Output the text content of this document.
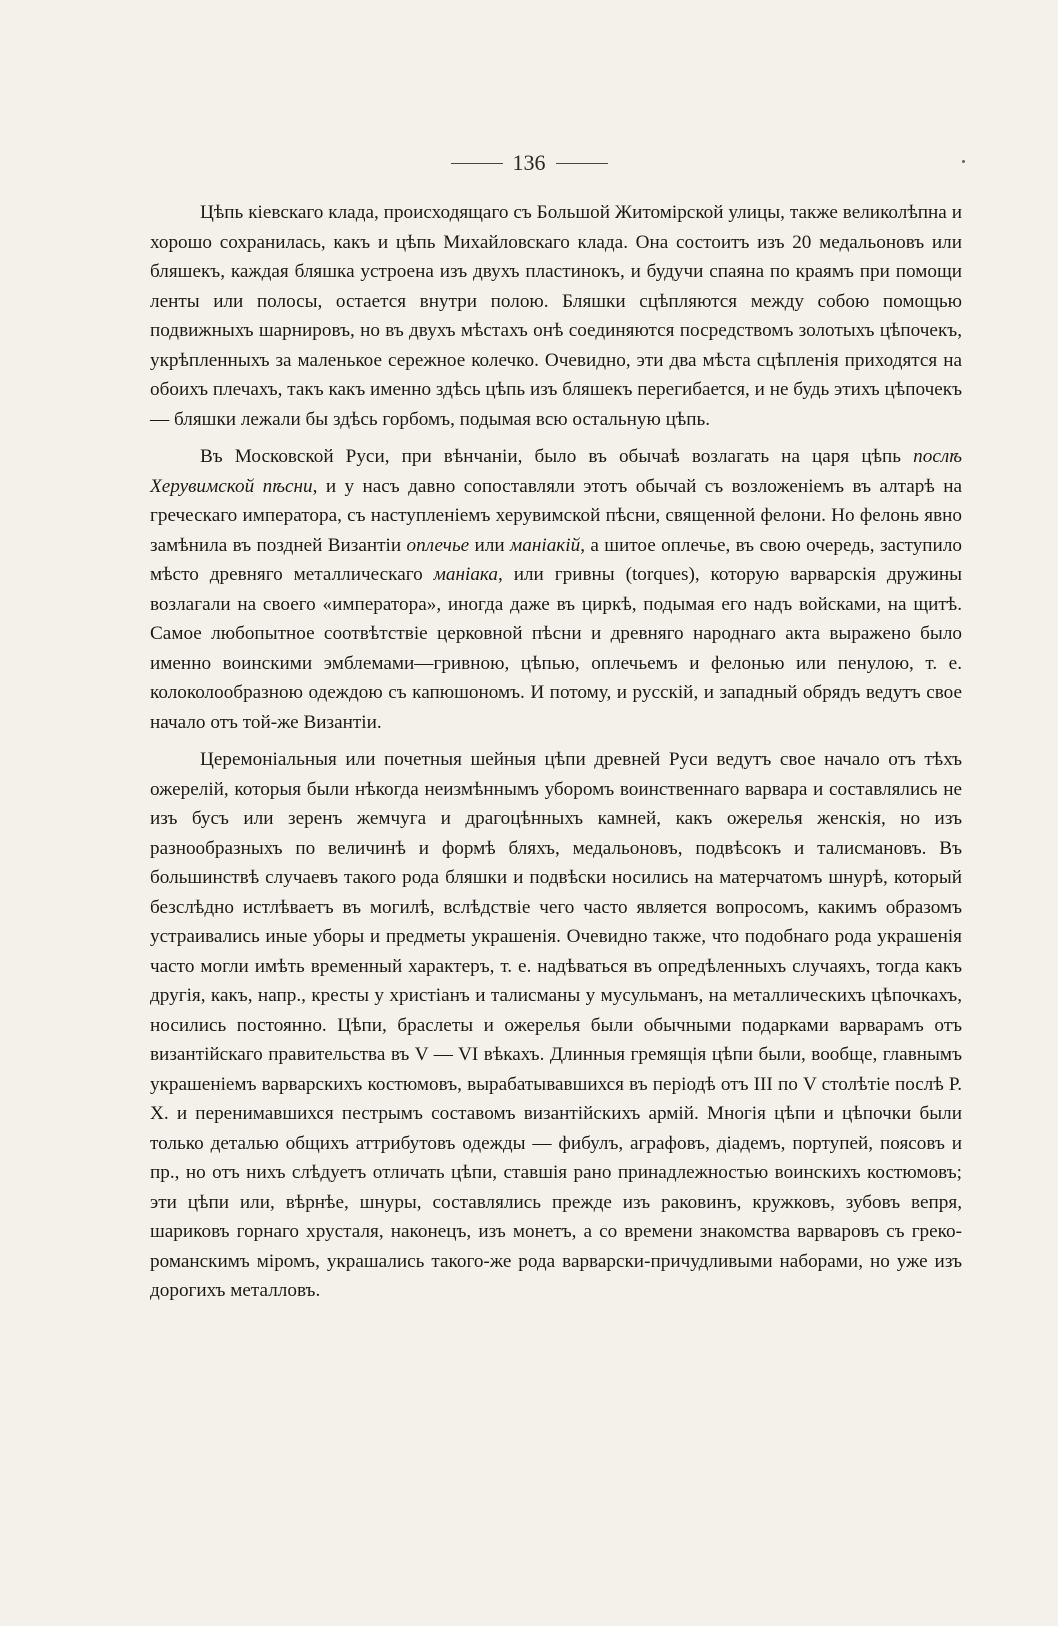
136

Цѣпь кіевскаго клада, происходящаго съ Большой Житомірской улицы, также великолѣпна и хорошо сохранилась, какъ и цѣпь Михайловскаго клада. Она состоитъ изъ 20 медальоновъ или бляшекъ, каждая бляшка устроена изъ двухъ пластинокъ, и будучи спаяна по краямъ при помощи ленты или полосы, остается внутри полою. Бляшки сцѣпляются между собою помощью подвижныхъ шарнировъ, но въ двухъ мѣстахъ онѣ соединяются посредствомъ золотыхъ цѣпочекъ, укрѣпленныхъ за маленькое сережное колечко. Очевидно, эти два мѣста сцѣпленія приходятся на обоихъ плечахъ, такъ какъ именно здѣсь цѣпь изъ бляшекъ перегибается, и не будь этихъ цѣпочекъ — бляшки лежали бы здѣсь горбомъ, подымая всю остальную цѣпь.

Въ Московской Руси, при вѣнчаніи, было въ обычаѣ возлагать на царя цѣпь послѣ Херувимской пѣсни, и у насъ давно сопоставляли этотъ обычай съ возложеніемъ въ алтарѣ на греческаго императора, съ наступленіемъ херувимской пѣсни, священной фелони. Но фелонь явно замѣнила въ поздней Византіи оплечье или маніакій, а шитое оплечье, въ свою очередь, заступило мѣсто древняго металлическаго маніака, или гривны (torques), которую варварскія дружины возлагали на своего «императора», иногда даже въ циркѣ, подымая его надъ войсками, на щитѣ. Самое любопытное соотвѣтствіе церковной пѣсни и древняго народнаго акта выражено было именно воинскими эмблемами—гривною, цѣпью, оплечьемъ и фелонью или пенулою, т. е. колоколообразною одеждою съ капюшономъ. И потому, и русскій, и западный обрядъ ведутъ свое начало отъ той-же Византіи.

Церемоніальныя или почетныя шейныя цѣпи древней Руси ведутъ свое начало отъ тѣхъ ожерелій, которыя были нѣкогда неизмѣннымъ уборомъ воинственнаго варвара и составлялись не изъ бусъ или зеренъ жемчуга и драгоцѣнныхъ камней, какъ ожерелья женскія, но изъ разнообразныхъ по величинѣ и формѣ бляхъ, медальоновъ, подвѣсокъ и талисмановъ. Въ большинствѣ случаевъ такого рода бляшки и подвѣски носились на матерчатомъ шнурѣ, который безслѣдно истлѣваетъ въ могилѣ, вслѣдствіе чего часто является вопросомъ, какимъ образомъ устраивались иные уборы и предметы украшенія. Очевидно также, что подобнаго рода украшенія часто могли имѣть временный характеръ, т. е. надѣваться въ опредѣленныхъ случаяхъ, тогда какъ другія, какъ, напр., кресты у христіанъ и талисманы у мусульманъ, на металлическихъ цѣпочкахъ, носились постоянно. Цѣпи, браслеты и ожерелья были обычными подарками варварамъ отъ византійскаго правительства въ V — VI вѣкахъ. Длинныя гремящія цѣпи были, вообще, главнымъ украшеніемъ варварскихъ костюмовъ, вырабатывавшихся въ періодѣ отъ III по V столѣтіе послѣ Р. Х. и перенимавшихся пестрымъ составомъ византійскихъ армій. Многія цѣпи и цѣпочки были только деталью общихъ аттрибутовъ одежды — фибулъ, аграфовъ, діадемъ, портупей, поясовъ и пр., но отъ нихъ слѣдуетъ отличать цѣпи, ставшія рано принадлежностью воинскихъ костюмовъ; эти цѣпи или, вѣрнѣе, шнуры, составлялись прежде изъ раковинъ, кружковъ, зубовъ вепря, шариковъ горнаго хрусталя, наконецъ, изъ монетъ, а со времени знакомства варваровъ съ греко-романскимъ міромъ, украшались такого-же рода варварски-причудливыми наборами, но уже изъ дорогихъ металловъ.
